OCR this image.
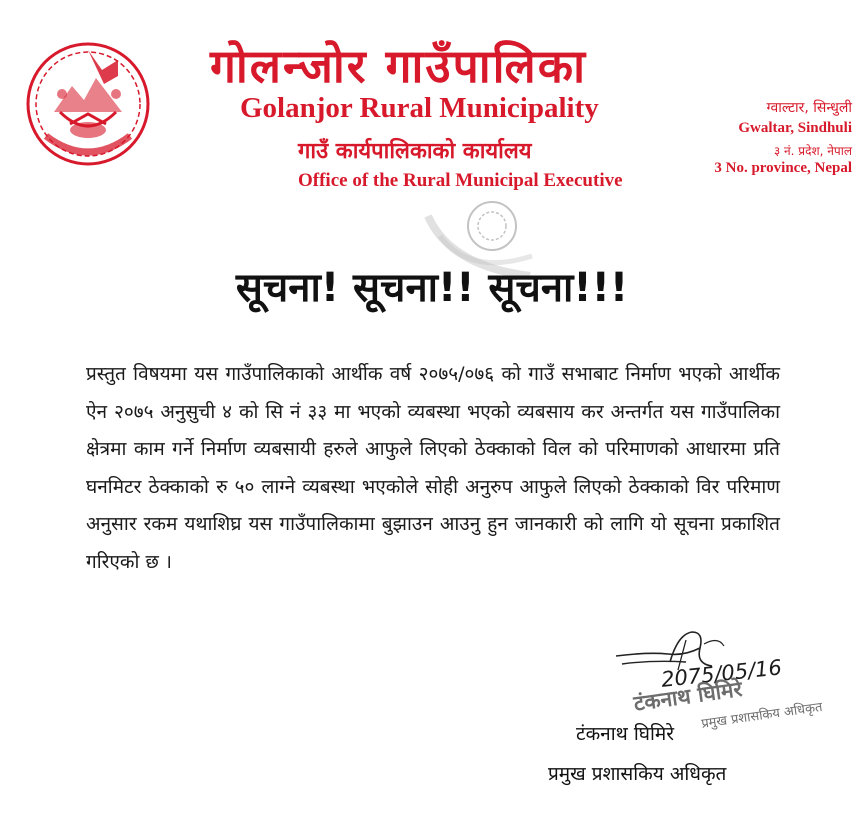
गोलन्जोर गाउँपालिका
Golanjor Rural Municipality
गाउँ कार्यपालिकाको कार्यालय
Office of the Rural Municipal Executive
ग्वाल्टार, सिन्धुली
Gwaltar, Sindhuli
३ नं. प्रदेश, नेपाल
3 No. province, Nepal
सूचना! सूचना!! सूचना!!!
प्रस्तुत विषयमा यस गाउँपालिकाको आर्थीक वर्ष २०७५/०७६ को गाउँ सभाबाट निर्माण भएको आर्थीक ऐन २०७५ अनुसुची ४ को सि नं ३३ मा भएको व्यबस्था भएको व्यबसाय कर अन्तर्गत यस गाउँपालिका क्षेत्रमा काम गर्ने निर्माण व्यबसायी हरुले आफुले लिएको ठेक्काको विल को परिमाणको आधारमा प्रति घनमिटर ठेक्काको रु ५० लाग्ने व्यबस्था भएकोले सोही अनुरुप आफुले लिएको ठेक्काको विर परिमाण अनुसार रकम यथाशिघ्र यस गाउँपालिकामा बुझाउन आउनु हुन जानकारी को लागि यो सूचना प्रकाशित गरिएको छ ।
2075/05/16
टंकनाथ घिमिरे
प्रमुख प्रशासकिय अधिकृत
टंकनाथ घिमिरे
प्रमुख प्रशासकिय अधिकृत
